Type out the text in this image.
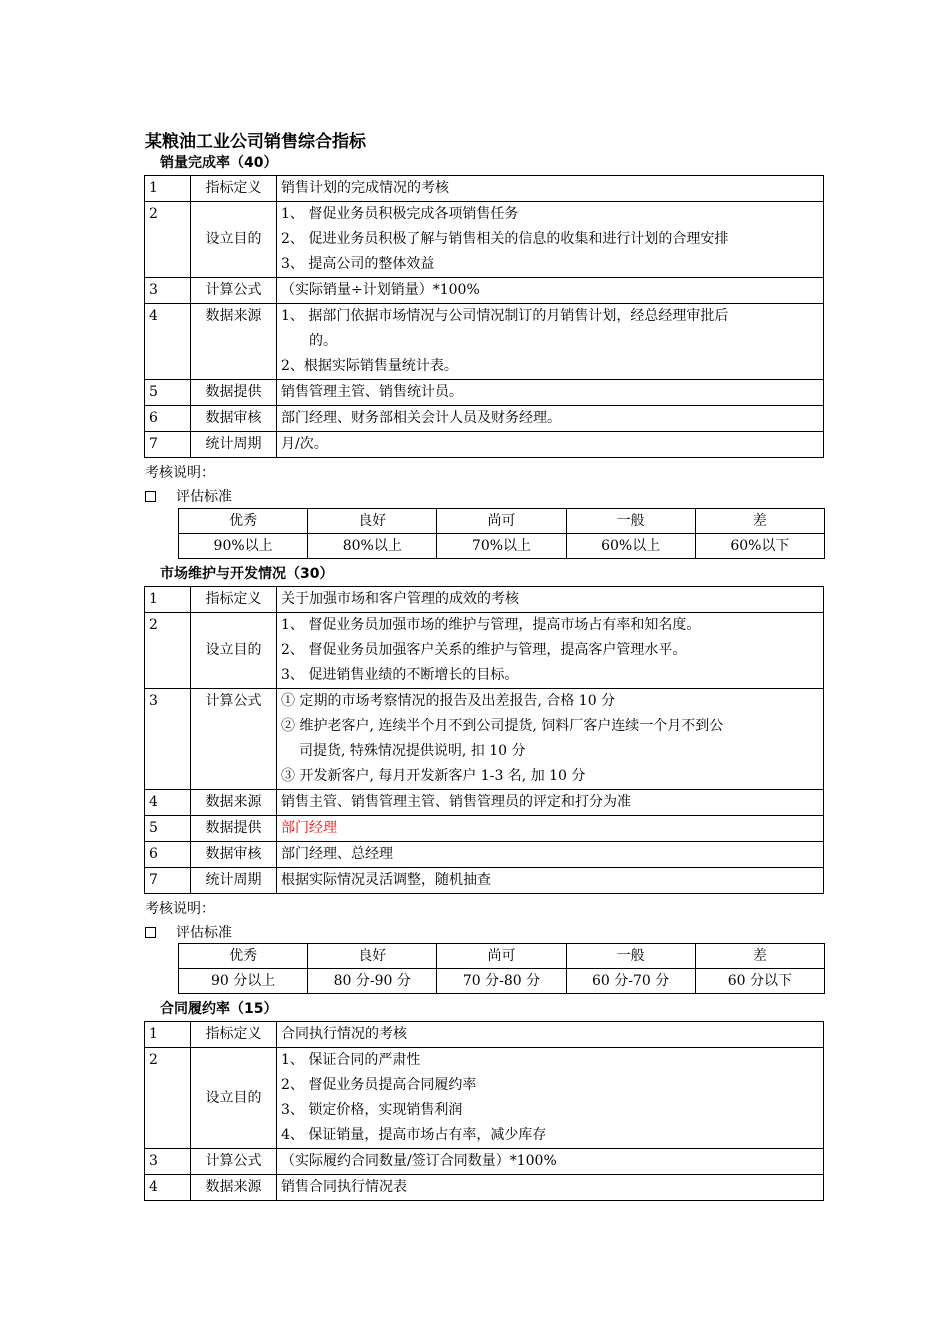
某粮油工业公司销售综合指标
销量完成率（40）
1	指标定义	销售计划的完成情况的考核

2	设立目的	1、 督促业务员积极完成各项销售任务
2、 促进业务员积极了解与销售相关的信息的收集和进行计划的合理安排
3、 提高公司的整体效益

3	计算公式	（实际销量÷计划销量）*100%

4	数据来源	1、 据部门依据市场情况与公司情况制订的月销售计划，经总经理审批后
的。
2、根据实际销售量统计表。

5	数据提供	销售管理主管、销售统计员。

6	数据审核	部门经理、财务部相关会计人员及财务经理。

7	统计周期	月/次。
考核说明：
评估标准
优秀	良好	尚可	一般	差
90%以上	80%以上	70%以上	60%以上	60%以下
市场维护与开发情况（30）
1	指标定义	关于加强市场和客户管理的成效的考核

2	设立目的	1、 督促业务员加强市场的维护与管理，提高市场占有率和知名度。
2、 督促业务员加强客户关系的维护与管理，提高客户管理水平。
3、 促进销售业绩的不断增长的目标。

3	计算公式	① 定期的市场考察情况的报告及出差报告, 合格 10 分
② 维护老客户, 连续半个月不到公司提货, 饲料厂客户连续一个月不到公
司提货, 特殊情况提供说明, 扣 10 分
③ 开发新客户, 每月开发新客户 1-3 名, 加 10 分

4	数据来源	销售主管、销售管理主管、销售管理员的评定和打分为准

5	数据提供	部门经理

6	数据审核	部门经理、总经理

7	统计周期	根据实际情况灵活调整，随机抽查
考核说明：
评估标准
优秀	良好	尚可	一般	差
90 分以上	80 分-90 分	70 分-80 分	60 分-70 分	60 分以下
合同履约率（15）
1	指标定义	合同执行情况的考核

2	设立目的	1、 保证合同的严肃性
2、 督促业务员提高合同履约率
3、 锁定价格，实现销售利润
4、 保证销量，提高市场占有率，减少库存

3	计算公式	（实际履约合同数量/签订合同数量）*100%

4	数据来源	销售合同执行情况表
